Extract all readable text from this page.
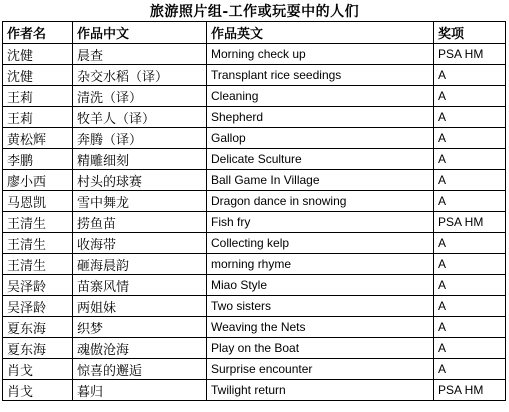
旅游照片组-工作或玩耍中的人们
作者名	作品中文	作品英文	奖项
沈健	晨查	Morning check up	PSA HM
沈健	杂交水稻（译）	Transplant rice seedings	A
王莉	清洗（译）	Cleaning	A
王莉	牧羊人（译）	Shepherd	A
黄松辉	奔腾（译）	Gallop	A
李鹏	精雕细刻	Delicate Sculture	A
廖小西	村头的球赛	Ball Game In Village	A
马恩凯	雪中舞龙	Dragon dance in snowing	A
王清生	捞鱼苗	Fish fry	PSA HM
王清生	收海带	Collecting kelp	A
王清生	砸海晨韵	morning rhyme	A
吴泽龄	苗寨风情	Miao Style	A
吴泽龄	两姐妹	Two sisters	A
夏东海	织梦	Weaving the Nets	A
夏东海	魂傲沧海	Play on the Boat	A
肖戈	惊喜的邂逅	Surprise encounter	A
肖戈	暮归	Twilight return	PSA HM
